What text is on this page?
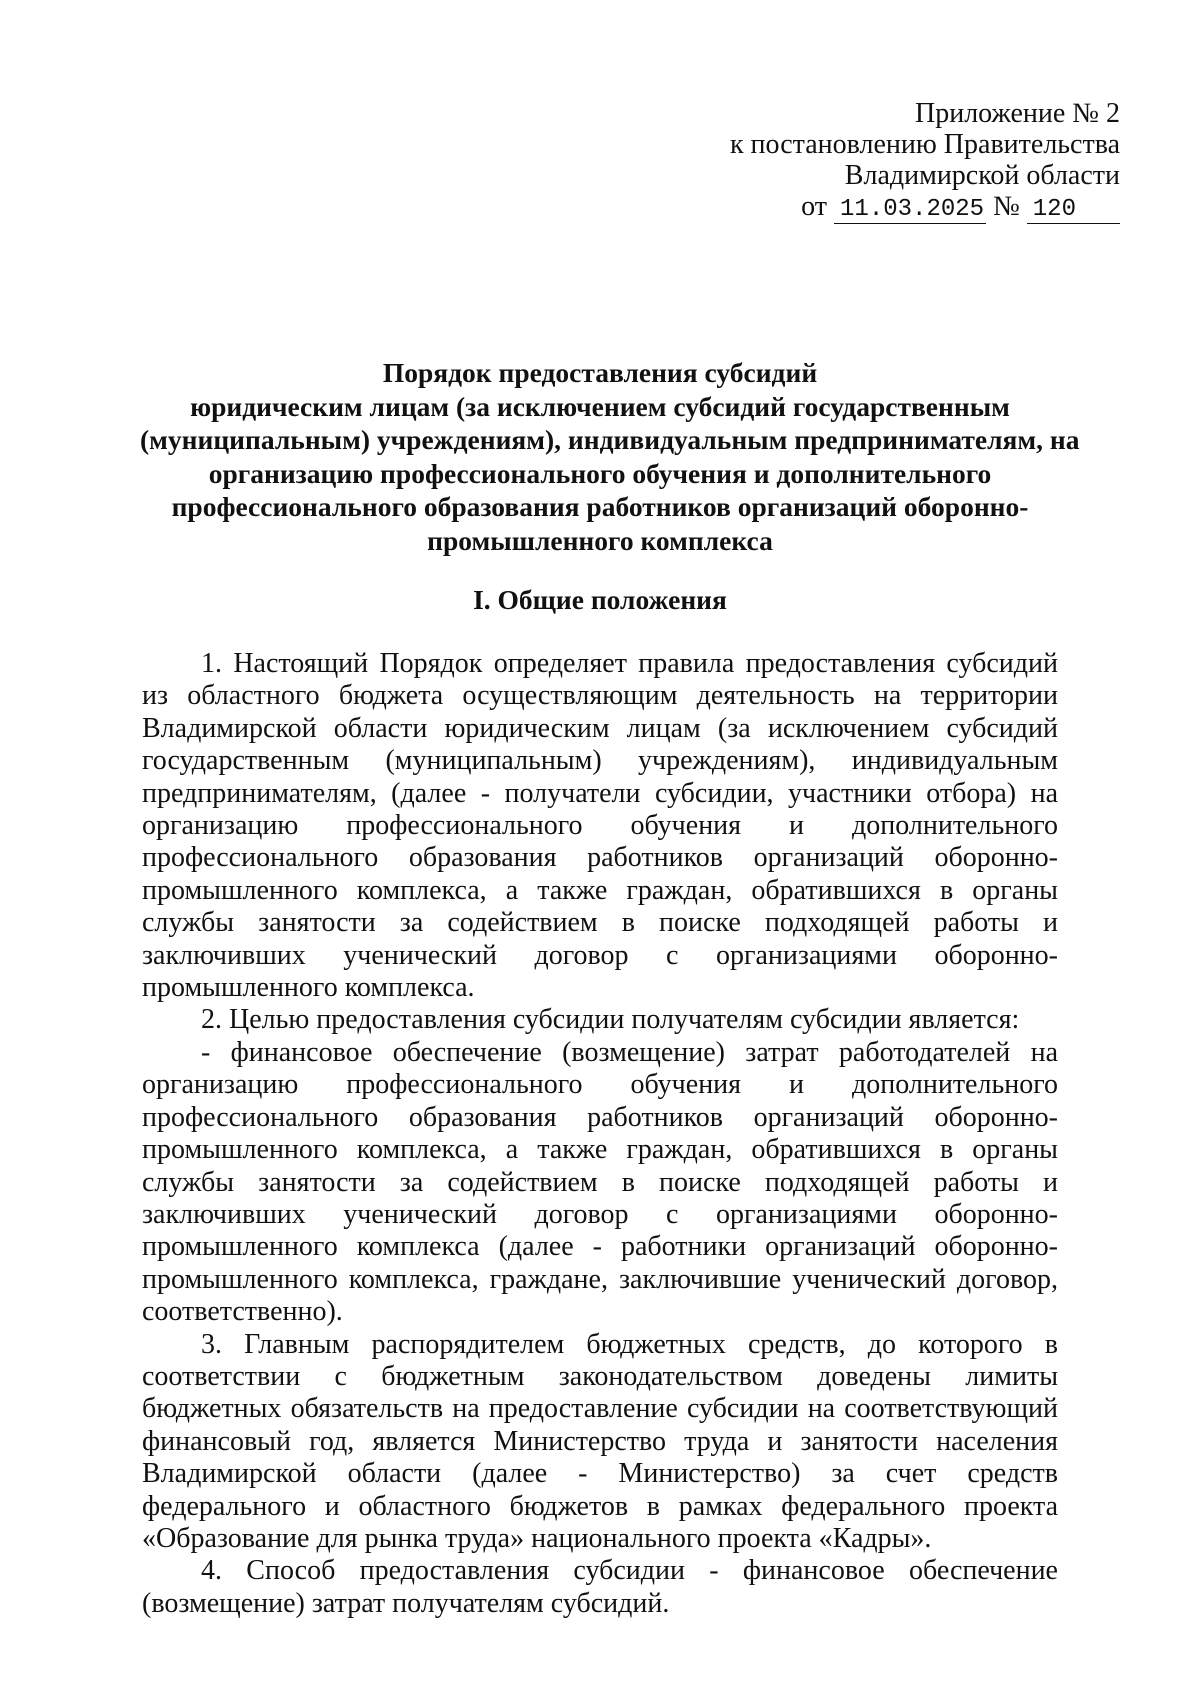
Приложение № 2
к постановлению Правительства
Владимирской области
от 11.03.2025 № 120
Порядок предоставления субсидий
юридическим лицам (за исключением субсидий государственным
(муниципальным) учреждениям), индивидуальным предпринимателям, на
организацию профессионального обучения и дополнительного
профессионального образования работников организаций оборонно-
промышленного комплекса
I. Общие положения

1. Настоящий Порядок определяет правила предоставления субсидий из областного бюджета осуществляющим деятельность на территории Владимирской области юридическим лицам (за исключением субсидий государственным (муниципальным) учреждениям), индивидуальным предпринимателям, (далее - получатели субсидии, участники отбора) на организацию профессионального обучения и дополнительного профессионального образования работников организаций оборонно-промышленного комплекса, а также граждан, обратившихся в органы службы занятости за содействием в поиске подходящей работы и заключивших ученический договор с организациями оборонно-промышленного комплекса.

2. Целью предоставления субсидии получателям субсидии является:

- финансовое обеспечение (возмещение) затрат работодателей на организацию профессионального обучения и дополнительного профессионального образования работников организаций оборонно-промышленного комплекса, а также граждан, обратившихся в органы службы занятости за содействием в поиске подходящей работы и заключивших ученический договор с организациями оборонно-промышленного комплекса (далее - работники организаций оборонно-промышленного комплекса, граждане, заключившие ученический договор, соответственно).

3. Главным распорядителем бюджетных средств, до которого в соответствии с бюджетным законодательством доведены лимиты бюджетных обязательств на предоставление субсидии на соответствующий финансовый год, является Министерство труда и занятости населения Владимирской области (далее - Министерство) за счет средств федерального и областного бюджетов в рамках федерального проекта «Образование для рынка труда» национального проекта «Кадры».

4. Способ предоставления субсидии - финансовое обеспечение (возмещение) затрат получателям субсидий.
